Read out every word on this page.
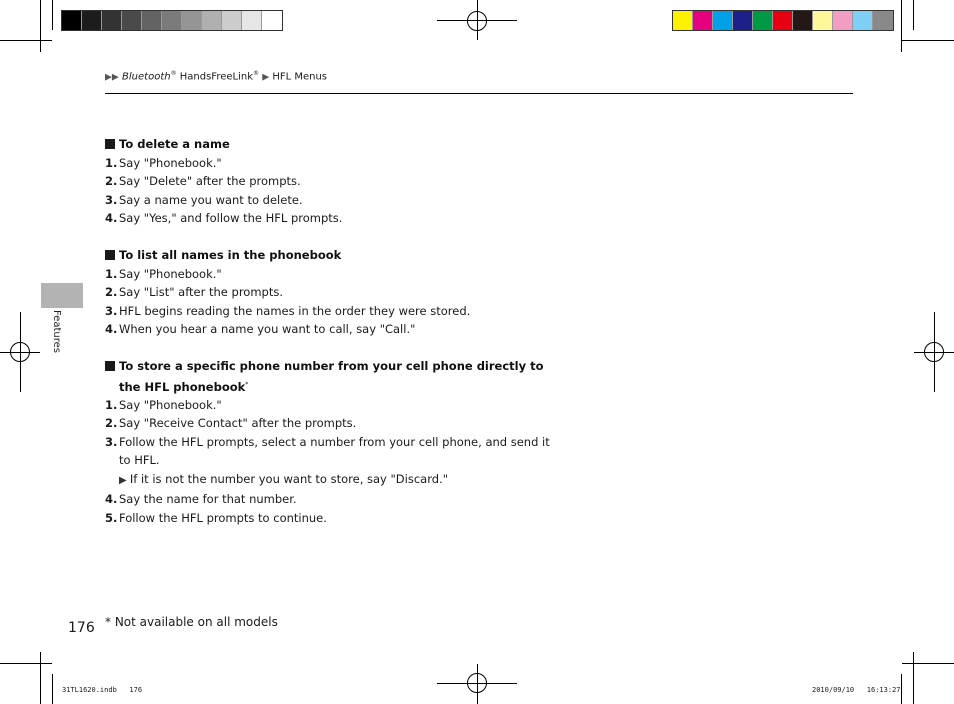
▶▶ Bluetooth® HandsFreeLink® ▶ HFL Menus
Features
To delete a name
1. Say "Phonebook."
2. Say "Delete" after the prompts.
3. Say a name you want to delete.
4. Say "Yes," and follow the HFL prompts.
To list all names in the phonebook
1. Say "Phonebook."
2. Say "List" after the prompts.
3. HFL begins reading the names in the order they were stored.
4. When you hear a name you want to call, say "Call."
To store a specific phone number from your cell phone directly to the HFL phonebook*
1. Say "Phonebook."
2. Say "Receive Contact" after the prompts.
3. Follow the HFL prompts, select a number from your cell phone, and send it to HFL.
▶ If it is not the number you want to store, say "Discard."
4. Say the name for that number.
5. Follow the HFL prompts to continue.
176 * Not available on all models
31TL1620.indb   176	2010/09/10   16:13:27
